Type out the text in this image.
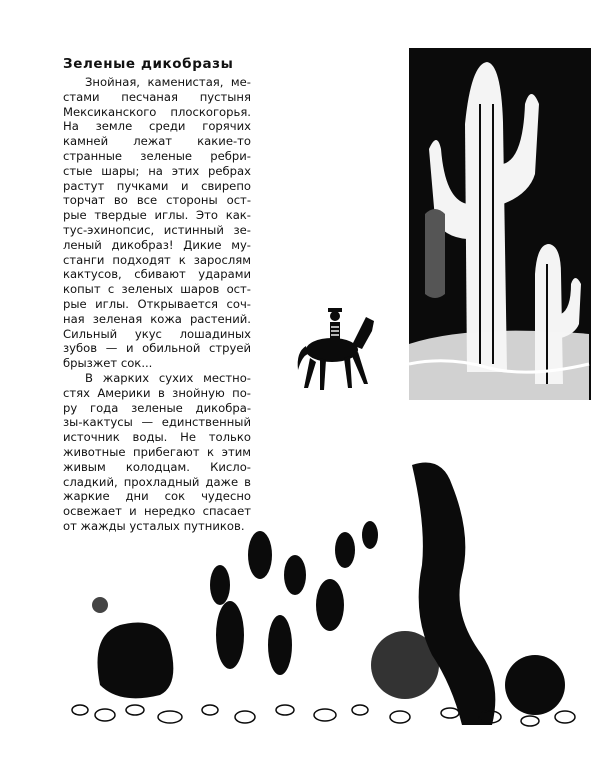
Зеленые дикобразы
Знойная, каменистая, ме-
стами песчаная пустыня
Мексиканского плоскогорья.
На земле среди горячих
камней лежат какие-то
странные зеленые ребри-
стые шары; на этих ребрах
растут пучками и свирепо
торчат во все стороны ост-
рые твердые иглы. Это как-
тус-эхинопсис, истинный зе-
леный дикобраз! Дикие му-
станги подходят к зарослям
кактусов, сбивают ударами
копыт с зеленых шаров ост-
рые иглы. Открывается соч-
ная зеленая кожа растений.
Сильный укус лошадиных
зубов — и обильной струей
брызжет сок...
В жарких сухих местно-
стях Америки в знойную по-
ру года зеленые дикобра-
зы-кактусы — единственный
источник воды. Не только
животные прибегают к этим
живым колодцам. Кисло-
сладкий, прохладный даже в
жаркие дни сок чудесно
освежает и нередко спасает
от жажды усталых путников.
